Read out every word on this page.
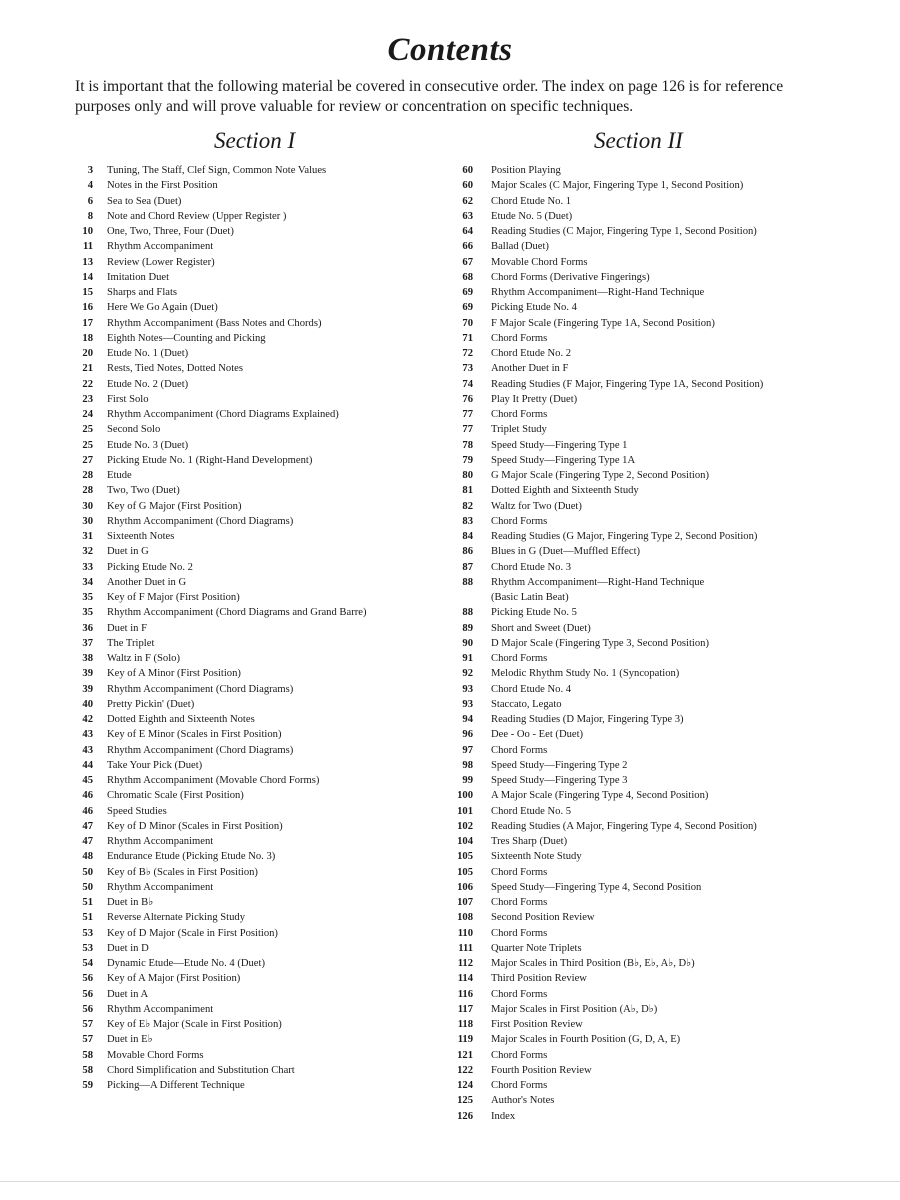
Contents

It is important that the following material be covered in consecutive order. The index on page 126 is for reference purposes only and will prove valuable for review or concentration on specific techniques.

Section I	Section II
3 Tuning, The Staff, Clef Sign, Common Note Values
4 Notes in the First Position
6 Sea to Sea (Duet)
8 Note and Chord Review (Upper Register )
10 One, Two, Three, Four (Duet)
11 Rhythm Accompaniment
13 Review (Lower Register)
14 Imitation Duet
15 Sharps and Flats
16 Here We Go Again (Duet)
17 Rhythm Accompaniment (Bass Notes and Chords)
18 Eighth Notes—Counting and Picking
20 Etude No. 1 (Duet)
21 Rests, Tied Notes, Dotted Notes
22 Etude No. 2 (Duet)
23 First Solo
24 Rhythm Accompaniment (Chord Diagrams Explained)
25 Second Solo
25 Etude No. 3 (Duet)
27 Picking Etude No. 1 (Right-Hand Development)
28 Etude
28 Two, Two (Duet)
30 Key of G Major (First Position)
30 Rhythm Accompaniment (Chord Diagrams)
31 Sixteenth Notes
32 Duet in G
33 Picking Etude No. 2
34 Another Duet in G
35 Key of F Major (First Position)
35 Rhythm Accompaniment (Chord Diagrams and Grand Barre)
36 Duet in F
37 The Triplet
38 Waltz in F (Solo)
39 Key of A Minor (First Position)
39 Rhythm Accompaniment (Chord Diagrams)
40 Pretty Pickin' (Duet)
42 Dotted Eighth and Sixteenth Notes
43 Key of E Minor (Scales in First Position)
43 Rhythm Accompaniment (Chord Diagrams)
44 Take Your Pick (Duet)
45 Rhythm Accompaniment (Movable Chord Forms)
46 Chromatic Scale (First Position)
46 Speed Studies
47 Key of D Minor (Scales in First Position)
47 Rhythm Accompaniment
48 Endurance Etude (Picking Etude No. 3)
50 Key of B♭ (Scales in First Position)
50 Rhythm Accompaniment
51 Duet in B♭
51 Reverse Alternate Picking Study
53 Key of D Major (Scale in First Position)
53 Duet in D
54 Dynamic Etude—Etude No. 4 (Duet)
56 Key of A Major (First Position)
56 Duet in A
56 Rhythm Accompaniment
57 Key of E♭ Major (Scale in First Position)
57 Duet in E♭
58 Movable Chord Forms
58 Chord Simplification and Substitution Chart
59 Picking—A Different Technique
60 Position Playing
60 Major Scales (C Major, Fingering Type 1, Second Position)
62 Chord Etude No. 1
63 Etude No. 5 (Duet)
64 Reading Studies (C Major, Fingering Type 1, Second Position)
66 Ballad (Duet)
67 Movable Chord Forms
68 Chord Forms (Derivative Fingerings)
69 Rhythm Accompaniment—Right-Hand Technique
69 Picking Etude No. 4
70 F Major Scale (Fingering Type 1A, Second Position)
71 Chord Forms
72 Chord Etude No. 2
73 Another Duet in F
74 Reading Studies (F Major, Fingering Type 1A, Second Position)
76 Play It Pretty (Duet)
77 Chord Forms
77 Triplet Study
78 Speed Study—Fingering Type 1
79 Speed Study—Fingering Type 1A
80 G Major Scale (Fingering Type 2, Second Position)
81 Dotted Eighth and Sixteenth Study
82 Waltz for Two (Duet)
83 Chord Forms
84 Reading Studies (G Major, Fingering Type 2, Second Position)
86 Blues in G (Duet—Muffled Effect)
87 Chord Etude No. 3
88 Rhythm Accompaniment—Right-Hand Technique
(Basic Latin Beat)
88 Picking Etude No. 5
89 Short and Sweet (Duet)
90 D Major Scale (Fingering Type 3, Second Position)
91 Chord Forms
92 Melodic Rhythm Study No. 1 (Syncopation)
93 Chord Etude No. 4
93 Staccato, Legato
94 Reading Studies (D Major, Fingering Type 3)
96 Dee - Oo - Eet (Duet)
97 Chord Forms
98 Speed Study—Fingering Type 2
99 Speed Study—Fingering Type 3
100 A Major Scale (Fingering Type 4, Second Position)
101 Chord Etude No. 5
102 Reading Studies (A Major, Fingering Type 4, Second Position)
104 Tres Sharp (Duet)
105 Sixteenth Note Study
105 Chord Forms
106 Speed Study—Fingering Type 4, Second Position
107 Chord Forms
108 Second Position Review
110 Chord Forms
111 Quarter Note Triplets
112 Major Scales in Third Position (B♭, E♭, A♭, D♭)
114 Third Position Review
116 Chord Forms
117 Major Scales in First Position (A♭, D♭)
118 First Position Review
119 Major Scales in Fourth Position (G, D, A, E)
121 Chord Forms
122 Fourth Position Review
124 Chord Forms
125 Author's Notes
126 Index
